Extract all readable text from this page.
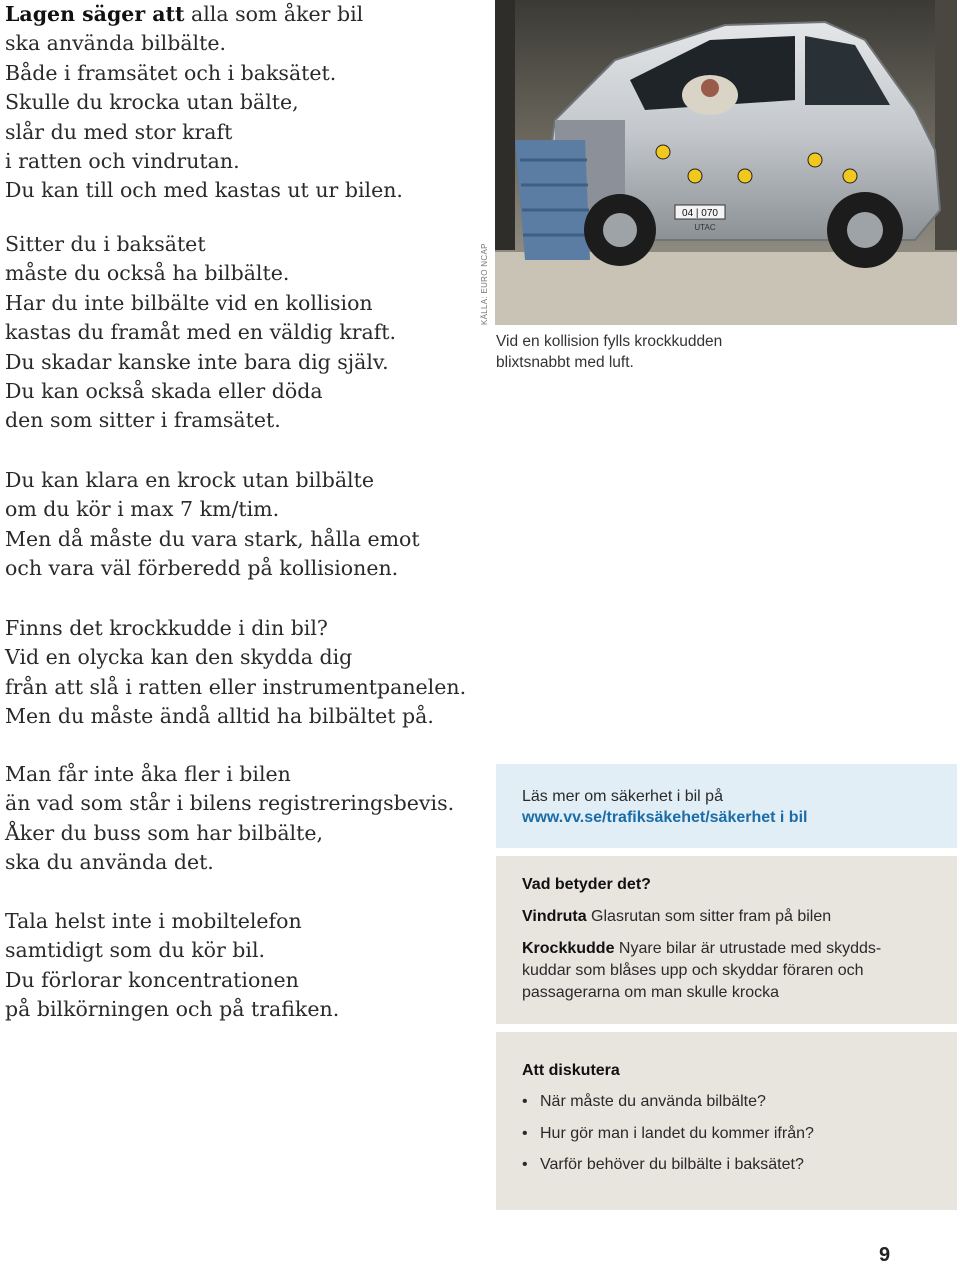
Lagen säger att alla som åker bil
ska använda bilbälte.
Både i framsätet och i baksätet.
Skulle du krocka utan bälte,
slår du med stor kraft
i ratten och vindrutan.
Du kan till och med kastas ut ur bilen.
Sitter du i baksätet
måste du också ha bilbälte.
Har du inte bilbälte vid en kollision
kastas du framåt med en väldig kraft.
Du skadar kanske inte bara dig själv.
Du kan också skada eller döda
den som sitter i framsätet.
Du kan klara en krock utan bilbälte
om du kör i max 7 km/tim.
Men då måste du vara stark, hålla emot
och vara väl förberedd på kollisionen.
Finns det krockkudde i din bil?
Vid en olycka kan den skydda dig
från att slå i ratten eller instrumentpanelen.
Men du måste ändå alltid ha bilbältet på.
Man får inte åka fler i bilen
än vad som står i bilens registreringsbevis.
Åker du buss som har bilbälte,
ska du använda det.
Tala helst inte i mobiltelefon
samtidigt som du kör bil.
Du förlorar koncentrationen
på bilkörningen och på trafiken.
04 | 070
UTAC
KÄLLA: EURO NCAP
Vid en kollision fylls krockkudden
blixtsnabbt med luft.
Läs mer om säkerhet i bil på
www.vv.se/trafiksäkehet/säkerhet i bil
Vad betyder det?
Vindruta Glasrutan som sitter fram på bilen
Krockkudde Nyare bilar är utrustade med skydds-
kuddar som blåses upp och skyddar föraren och
passagerarna om man skulle krocka
Att diskutera
• När måste du använda bilbälte?
• Hur gör man i landet du kommer ifrån?
• Varför behöver du bilbälte i baksätet?
9
